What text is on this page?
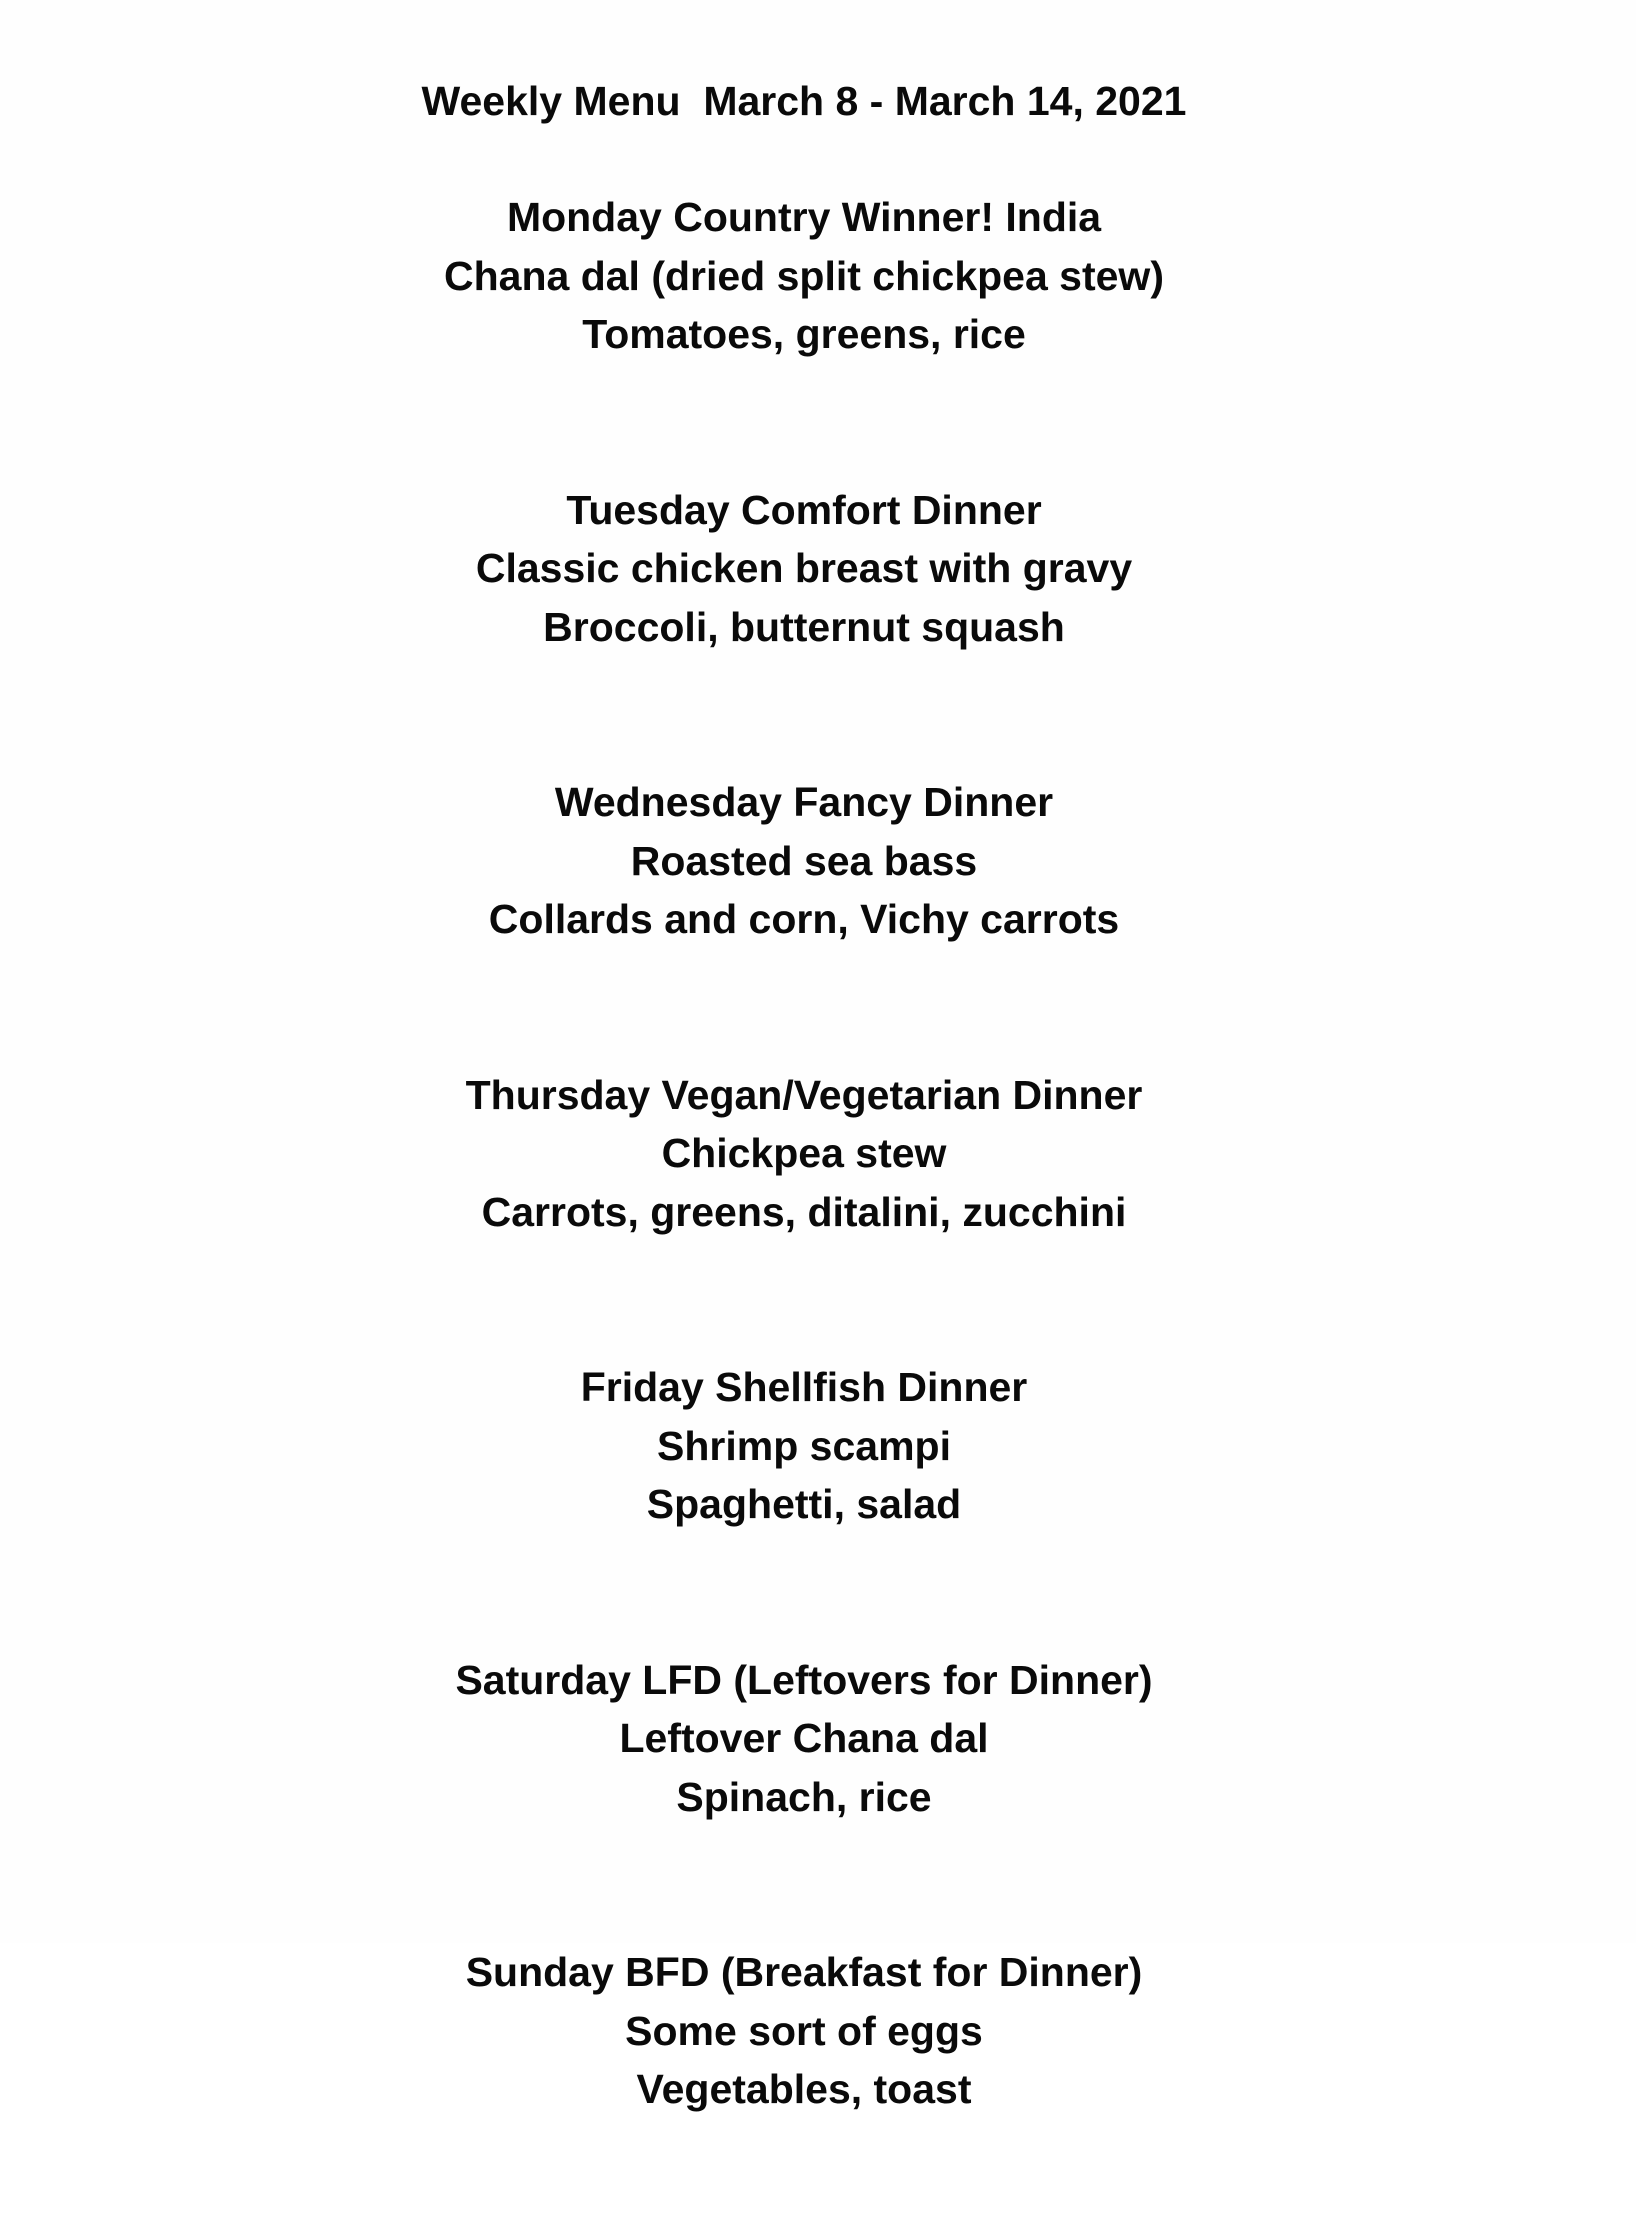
Weekly Menu  March 8 - March 14, 2021
Monday Country Winner! India
Chana dal (dried split chickpea stew)
Tomatoes, greens, rice
Tuesday Comfort Dinner
Classic chicken breast with gravy
Broccoli, butternut squash
Wednesday Fancy Dinner
Roasted sea bass
Collards and corn, Vichy carrots
Thursday Vegan/Vegetarian Dinner
Chickpea stew
Carrots, greens, ditalini, zucchini
Friday Shellfish Dinner
Shrimp scampi
Spaghetti, salad
Saturday LFD (Leftovers for Dinner)
Leftover Chana dal
Spinach, rice
Sunday BFD (Breakfast for Dinner)
Some sort of eggs
Vegetables, toast
